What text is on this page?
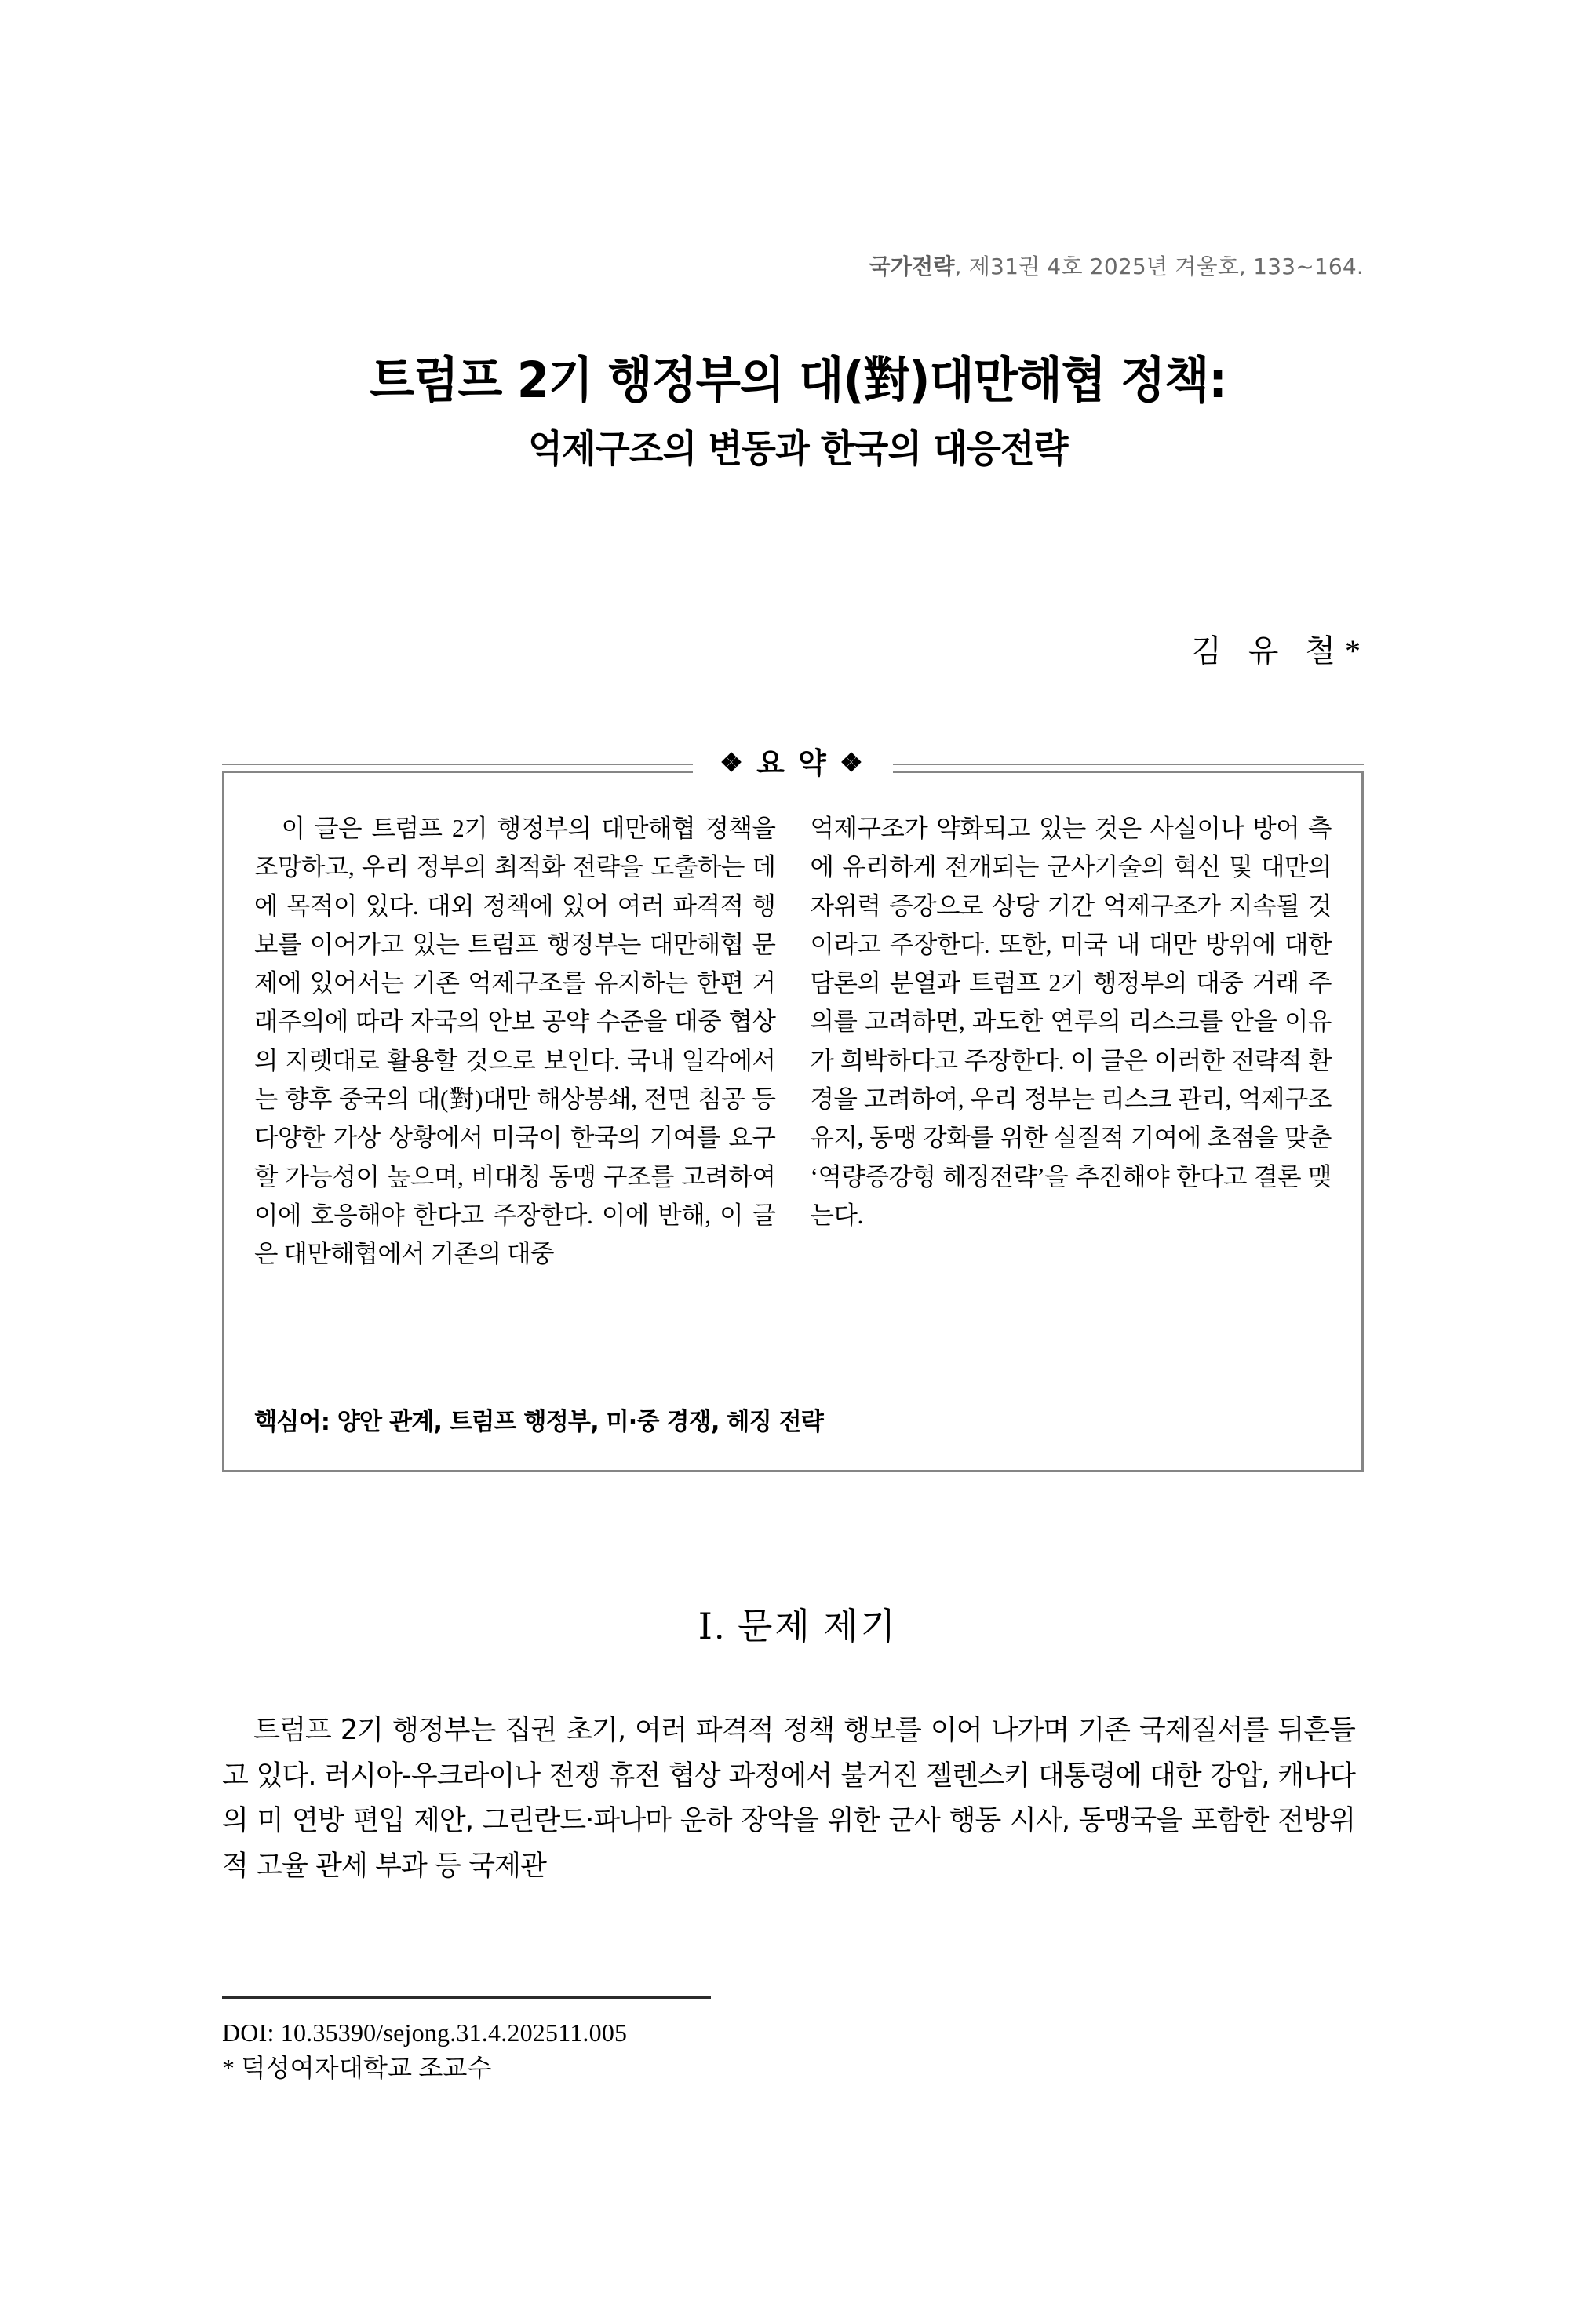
국가전략, 제31권 4호 2025년 겨울호, 133~164.
트럼프 2기 행정부의 대(對)대만해협 정책:
억제구조의 변동과 한국의 대응전략
김 유 철*
❖ 요 약 ❖

이 글은 트럼프 2기 행정부의 대만해협 정책을 조망하고, 우리 정부의 최적화 전략을 도출하는 데에 목적이 있다. 대외 정책에 있어 여러 파격적 행보를 이어가고 있는 트럼프 행정부는 대만해협 문제에 있어서는 기존 억제구조를 유지하는 한편 거래주의에 따라 자국의 안보 공약 수준을 대중 협상의 지렛대로 활용할 것으로 보인다. 국내 일각에서는 향후 중국의 대(對)대만 해상봉쇄, 전면 침공 등 다양한 가상 상황에서 미국이 한국의 기여를 요구할 가능성이 높으며, 비대칭 동맹 구조를 고려하여 이에 호응해야 한다고 주장한다. 이에 반해, 이 글은 대만해협에서 기존의 대중

억제구조가 약화되고 있는 것은 사실이나 방어 측에 유리하게 전개되는 군사기술의 혁신 및 대만의 자위력 증강으로 상당 기간 억제구조가 지속될 것이라고 주장한다. 또한, 미국 내 대만 방위에 대한 담론의 분열과 트럼프 2기 행정부의 대중 거래 주의를 고려하면, 과도한 연루의 리스크를 안을 이유가 희박하다고 주장한다. 이 글은 이러한 전략적 환경을 고려하여, 우리 정부는 리스크 관리, 억제구조 유지, 동맹 강화를 위한 실질적 기여에 초점을 맞춘 ‘역량증강형 헤징전략’을 추진해야 한다고 결론 맺는다.

핵심어: 양안 관계, 트럼프 행정부, 미·중 경쟁, 헤징 전략
Ⅰ. 문제 제기

트럼프 2기 행정부는 집권 초기, 여러 파격적 정책 행보를 이어 나가며 기존 국제질서를 뒤흔들고 있다. 러시아-우크라이나 전쟁 휴전 협상 과정에서 불거진 젤렌스키 대통령에 대한 강압, 캐나다의 미 연방 편입 제안, 그린란드·파나마 운하 장악을 위한 군사 행동 시사, 동맹국을 포함한 전방위적 고율 관세 부과 등 국제관

DOI: 10.35390/sejong.31.4.202511.005
* 덕성여자대학교 조교수
